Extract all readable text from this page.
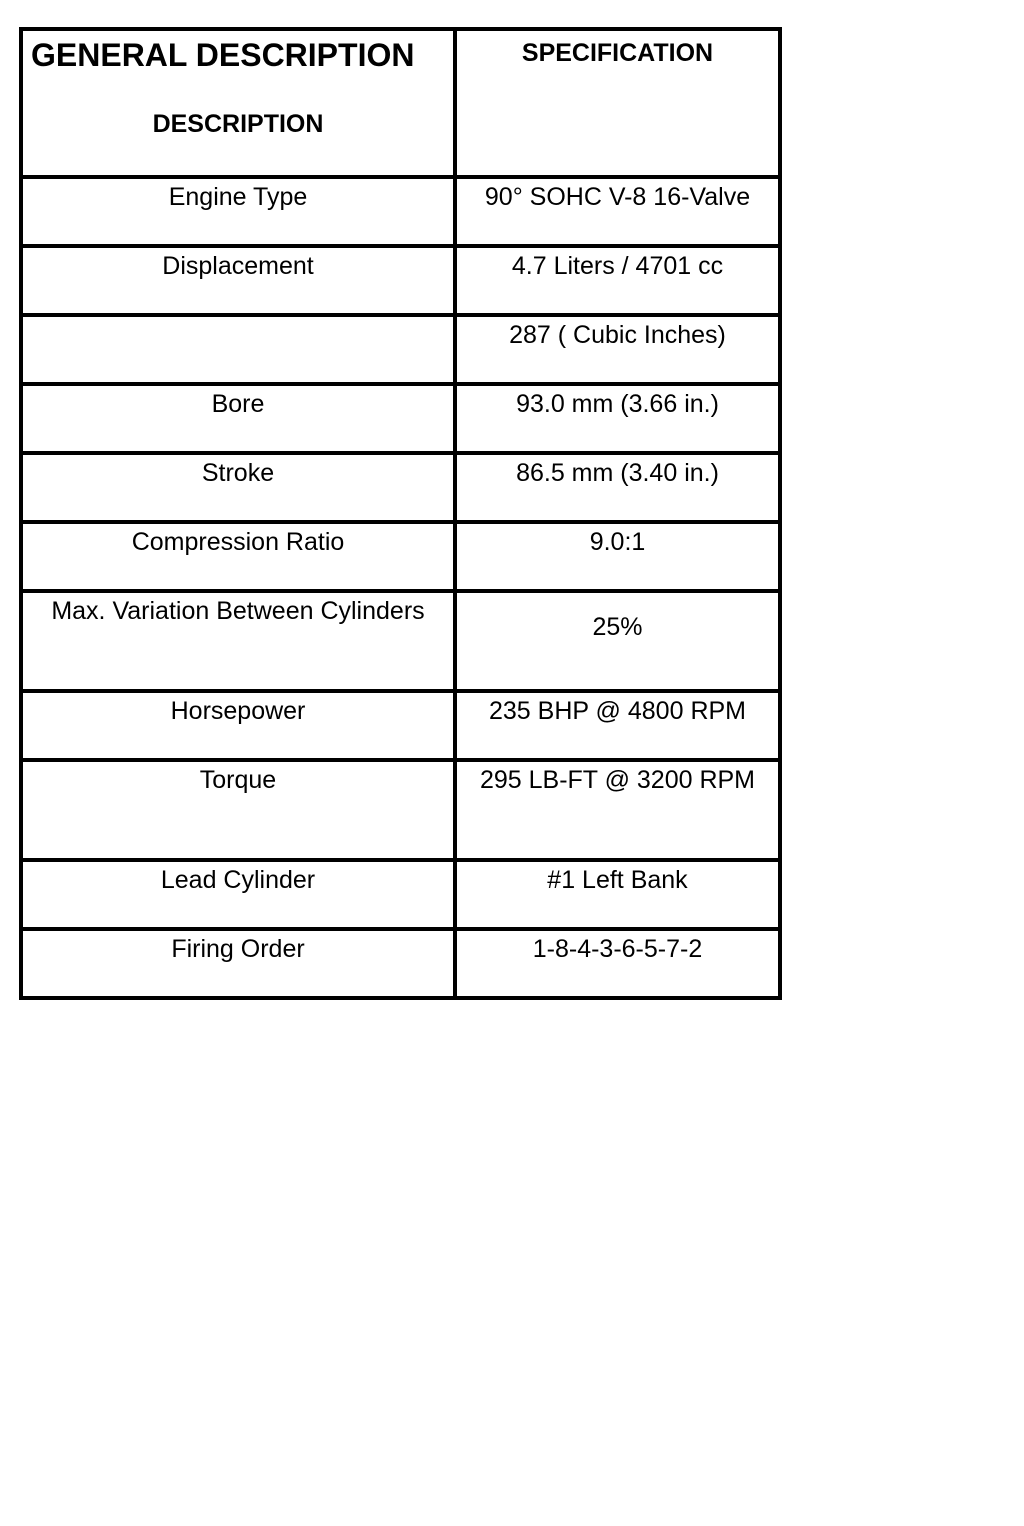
GENERAL DESCRIPTION
DESCRIPTION	SPECIFICATION

Engine Type	90° SOHC V-8 16-Valve
Displacement	4.7 Liters / 4701 cc
	287 ( Cubic Inches)
Bore	93.0 mm (3.66 in.)
Stroke	86.5 mm (3.40 in.)
Compression Ratio	9.0:1
Max. Variation Between Cylinders	25%
Horsepower	235 BHP @ 4800 RPM
Torque	295 LB-FT @ 3200 RPM
Lead Cylinder	#1 Left Bank
Firing Order	1-8-4-3-6-5-7-2
